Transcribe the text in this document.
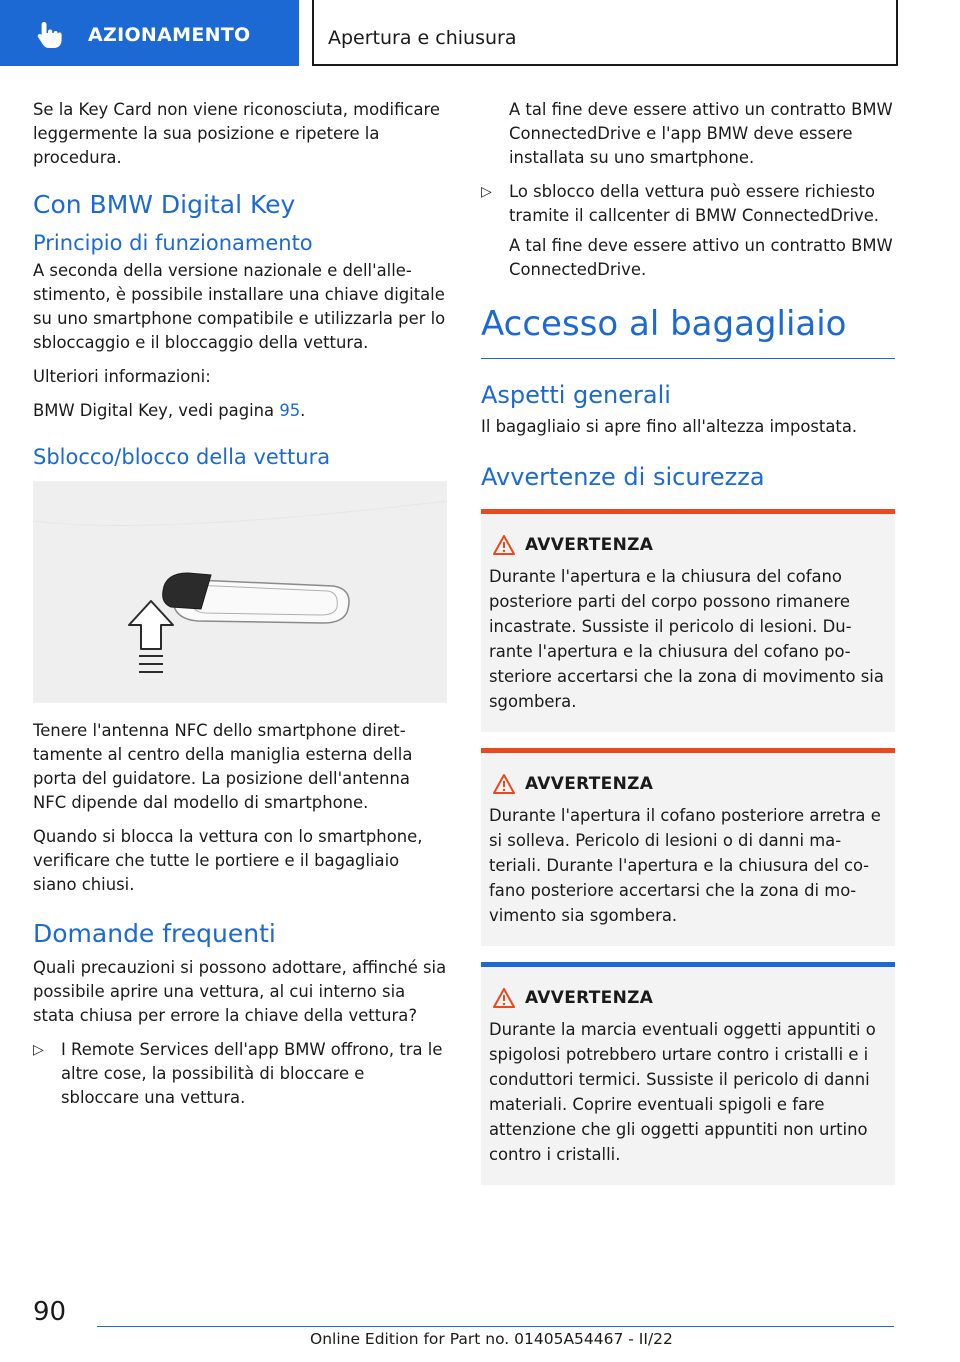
AZIONAMENTO	Apertura e chiusura

Se la Key Card non viene riconosciuta, modificare leggermente la sua posizione e ripetere la procedura.

Con BMW Digital Key
Principio di funzionamento

A seconda della versione nazionale e dell'allestimento, è possibile installare una chiave digitale su uno smartphone compatibile e utilizzarla per lo sbloccaggio e il bloccaggio della vettura.

Ulteriori informazioni:

BMW Digital Key, vedi pagina 95.

Sblocco/blocco della vettura

Tenere l'antenna NFC dello smartphone direttamente al centro della maniglia esterna della porta del guidatore. La posizione dell'antenna NFC dipende dal modello di smartphone.

Quando si blocca la vettura con lo smartphone, verificare che tutte le portiere e il bagagliaio siano chiusi.

Domande frequenti

Quali precauzioni si possono adottare, affinché sia possibile aprire una vettura, al cui interno sia stata chiusa per errore la chiave della vettura?

▷ I Remote Services dell'app BMW offrono, tra le altre cose, la possibilità di bloccare e sbloccare una vettura.

A tal fine deve essere attivo un contratto BMW ConnectedDrive e l'app BMW deve essere installata su uno smartphone.

▷ Lo sblocco della vettura può essere richiesto tramite il callcenter di BMW ConnectedDrive.

A tal fine deve essere attivo un contratto BMW ConnectedDrive.

Accesso al bagagliaio
Aspetti generali

Il bagagliaio si apre fino all'altezza impostata.

Avvertenze di sicurezza
AVVERTENZA

Durante l'apertura e la chiusura del cofano posteriore parti del corpo possono rimanere incastrate. Sussiste il pericolo di lesioni. Durante l'apertura e la chiusura del cofano posteriore accertarsi che la zona di movimento sia sgombera.

AVVERTENZA

Durante l'apertura il cofano posteriore arretra e si solleva. Pericolo di lesioni o di danni materiali. Durante l'apertura e la chiusura del cofano posteriore accertarsi che la zona di movimento sia sgombera.

AVVERTENZA

Durante la marcia eventuali oggetti appuntiti o spigolosi potrebbero urtare contro i cristalli e i conduttori termici. Sussiste il pericolo di danni materiali. Coprire eventuali spigoli e fare attenzione che gli oggetti appuntiti non urtino contro i cristalli.

90
Online Edition for Part no. 01405A54467 - II/22
